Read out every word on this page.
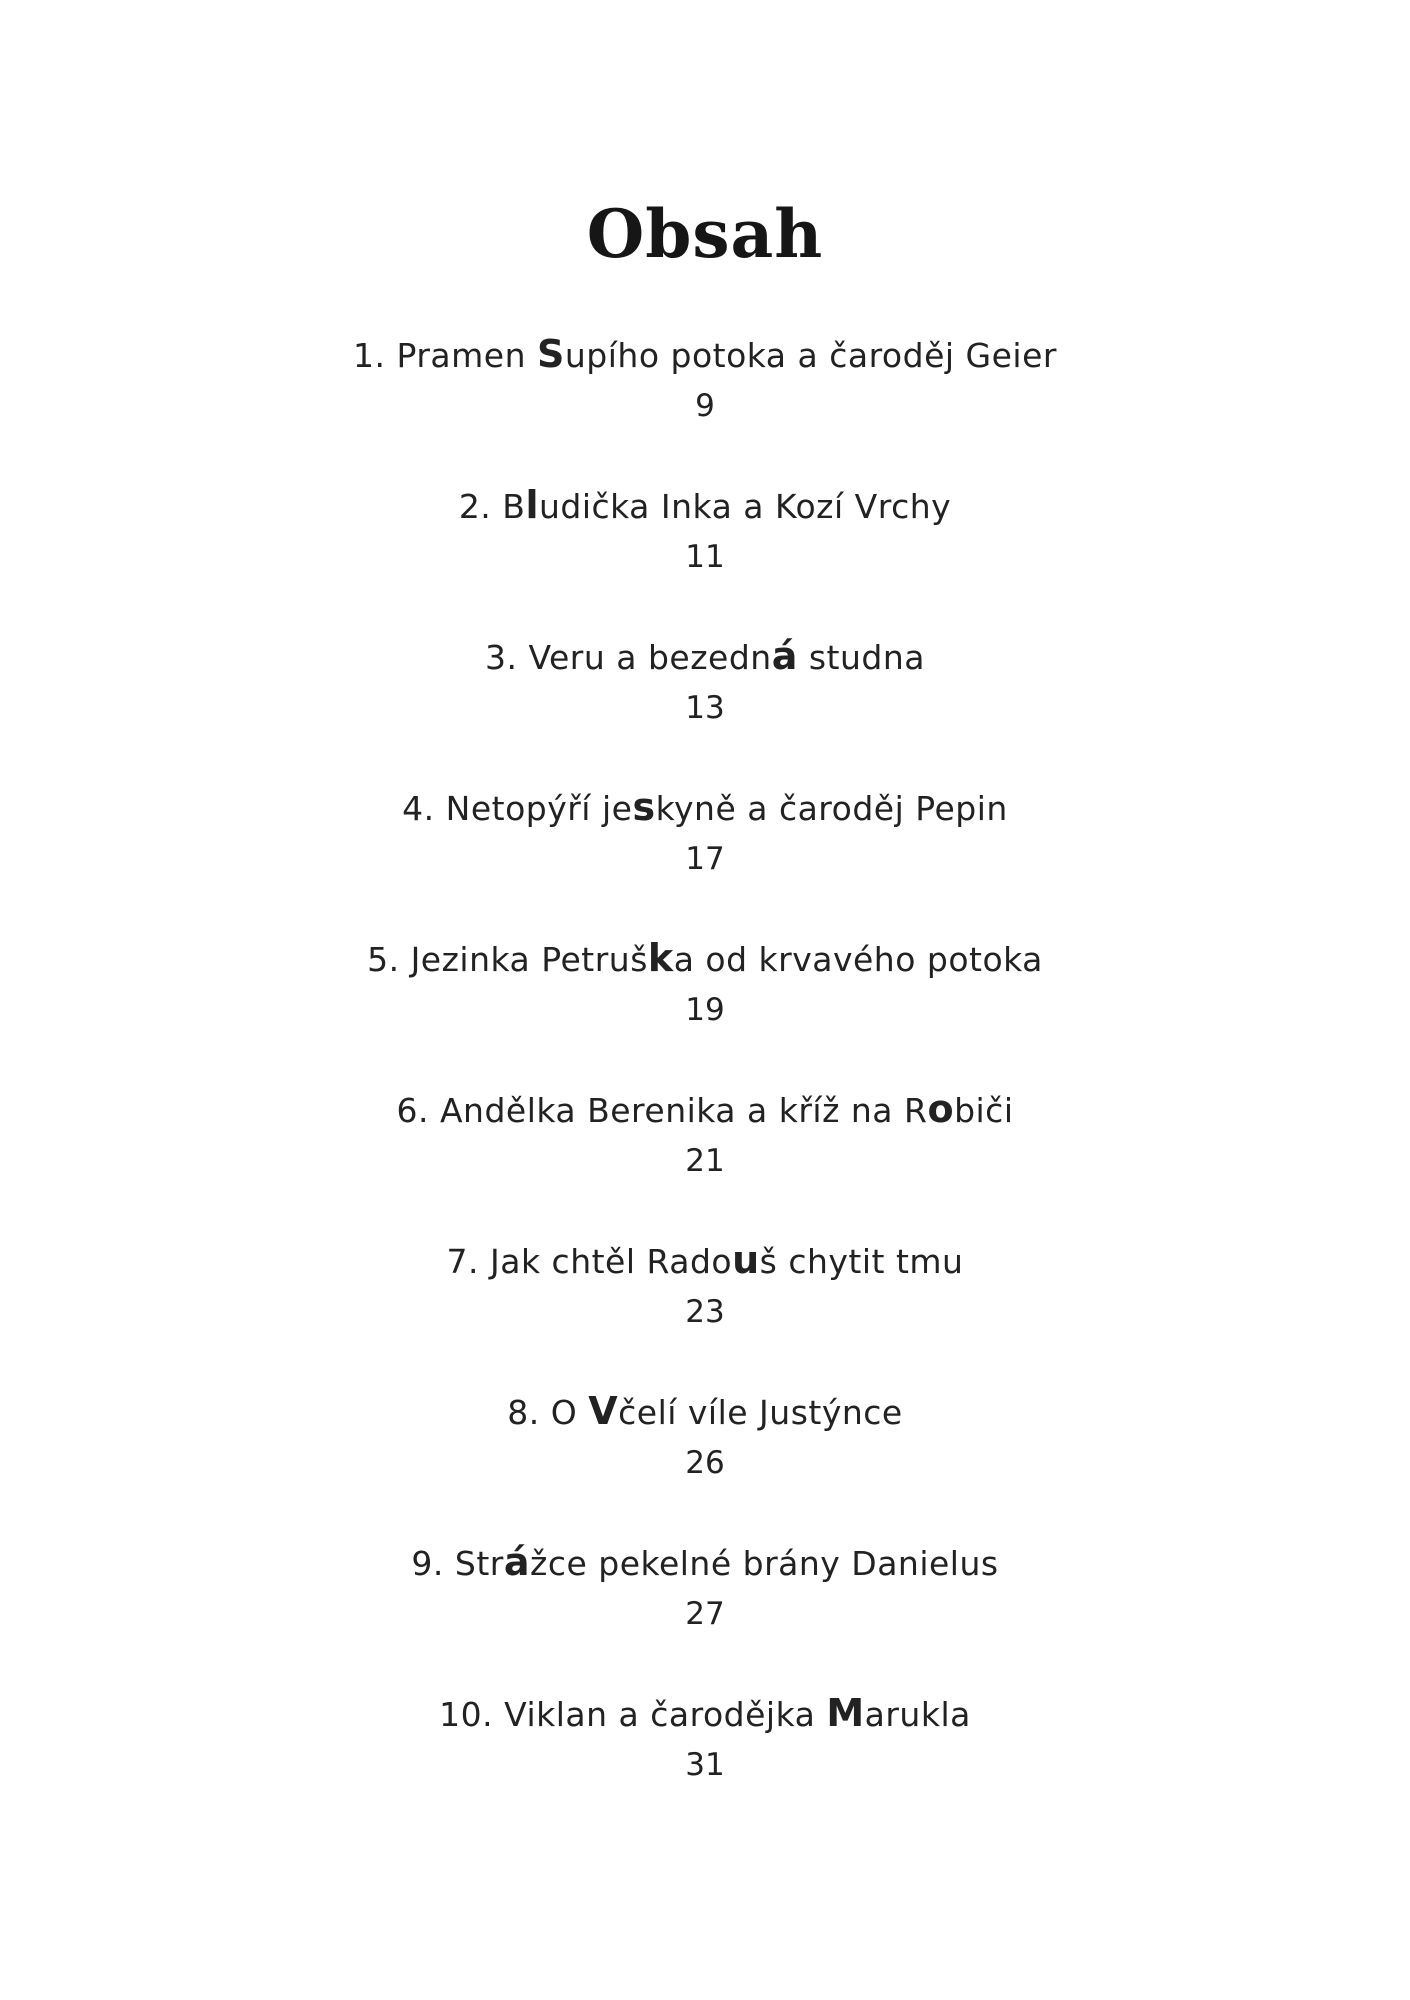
Obsah
1. Pramen Supího potoka a čaroděj Geier
9
2. Bludička Inka a Kozí Vrchy
11
3. Veru a bezedná studna
13
4. Netopýří jeskyně a čaroděj Pepin
17
5. Jezinka Petruška od krvavého potoka
19
6. Andělka Berenika a kříž na Robiči
21
7. Jak chtěl Radouš chytit tmu
23
8. O Včelí víle Justýnce
26
9. Strážce pekelné brány Danielus
27
10. Viklan a čarodějka Marukla
31
